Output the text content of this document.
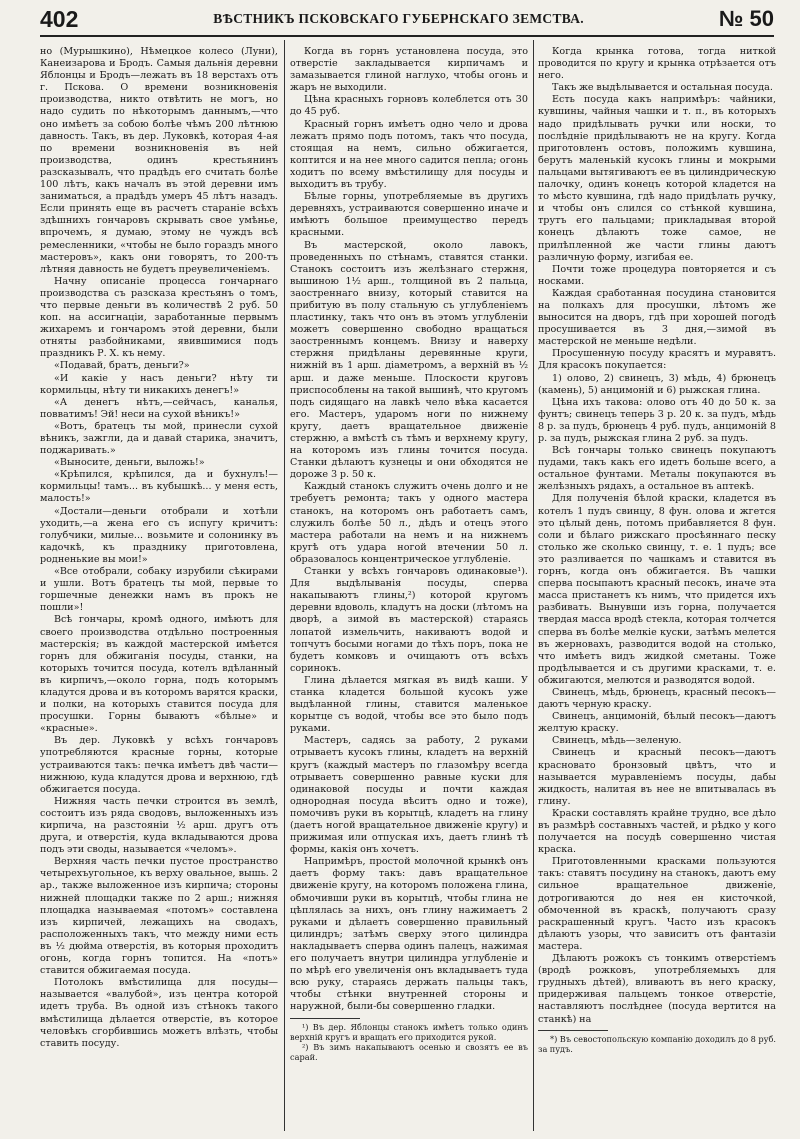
402	ВѢСТНИКЪ ПСКОВСКАГО ГУБЕРНСКАГО ЗЕМСТВА.	№ 50

но (Мурышкино), Нѣмецкое колесо (Луни), Канеизарова и Бродъ. Самыя дальнія деревни Яблонцы и Бродъ—лежать въ 18 верстахъ отъ г. Пскова. О времени возникновенія производства, никто отвѣтить не могъ, но надо судить по нѣкоторымъ даннымъ,—что оно имѣетъ за собою болѣе чѣмъ 200 лѣтнюю давность. Такъ, въ дер. Луковкѣ, которая 4-ая по времени возникновенія въ ней производства, одинъ крестьянинъ разсказывалъ, что прадѣдъ его считать болѣе 100 лѣтъ, какъ началъ въ этой деревни имъ заниматься, а прадѣдъ умеръ 45 лѣтъ назадъ. Если принять еще въ расчетъ стараніе всѣхъ здѣшнихъ гончаровъ скрывать свое умѣнье, впрочемъ, я думаю, этому не чуждъ всѣ ремесленники, «чтобы не было гораздъ много мастеровъ», какъ они говорятъ, то 200-тъ лѣтняя давность не будетъ преувеличеніемъ.

Начну описаніе процесса гончарнаго производства съ разсказа крестьянъ о томъ, что первые деньги въ количествѣ 2 руб. 50 коп. на ассигнаціи, заработанные первымъ жихаремъ и гончаромъ этой деревни, были отняты разбойниками, явившимися подъ праздникъ Р. Х. къ нему.

«Подавай, братъ, деньги?»

«И какіе у насъ деньги? нѣту ти кормильцы, нѣту ти никакихъ денегъ!»

«А денегъ нѣтъ,—сейчасъ, каналья, повватимъ! Эй! неси на сухой вѣникъ!»

«Вотъ, братецъ ты мой, принесли сухой вѣникъ, зажгли, да и давай старика, значитъ, поджаривать.»

«Выносите, деньги, выложь!»

«Крѣпился, крѣпился, да и бухнулъ!—кормильцы! тамъ... въ кубышкѣ... у меня есть, малость!»

«Достали—деньги отобрали и хотѣли уходить,—а жена его съ испугу кричитъ: голубчики, милые... возьмите и солонинку въ кадочкѣ, къ празднику приготовлена, родненькие вы мои!»

«Все отобрали, собаку изрубили сѣкирами и ушли. Вотъ братецъ ты мой, первые то горшечные денежки намъ въ прокъ не пошли»!

Всѣ гончары, кромѣ одного, имѣютъ для своего производства отдѣльно построенныя мастерскія; въ каждой мастерской имѣется горнъ для обжиганія посуды, станки, на которыхъ точится посуда, котелъ вдѣланный въ кирпичъ,—около горна, подъ которымъ кладутся дрова и въ которомъ варятся краски, и полки, на которыхъ ставится посуда для просушки. Горны бываютъ «бѣлые» и «красные».

Въ дер. Луковкѣ у всѣхъ гончаровъ употребляются красные горны, которые устраиваются такъ: печка имѣетъ двѣ части—нижнюю, куда кладутся дрова и верхнюю, гдѣ обжигается посуда.

Нижняя часть печки строится въ землѣ, состоитъ изъ ряда сводовъ, выложенныхъ изъ кирпича, на разстояніи ½ арш. другъ отъ друга, и отверстія, куда вкладываются дрова подъ эти своды, называется «челомъ».

Верхняя часть печки пустое пространство четырехъугольное, къ верху овальное, вышь. 2 ар., также выложенное изъ кирпича; стороны нижней площадки также по 2 арш.; нижняя площадка называемая «потомъ» составлена изъ кирпичей, лежащихъ на сводахъ, расположенныхъ такъ, что между ними есть въ ½ дюйма отверстія, въ которыя проходитъ огонь, когда горнъ топится. На «потъ» ставится обжигаемая посуда.

Потолокъ вмѣстилища для посуды—называется «валубой», изъ центра которой идетъ труба. Въ одной изъ стѣнокъ такого вмѣстилища дѣлается отверстіе, въ которое человѣкъ сгорбившись можетъ влѣзть, чтобы ставить посуду.

Когда въ горнъ установлена посуда, это отверстіе закладывается кирпичамъ и замазывается глиной наглухо, чтобы огонь и жаръ не выходили.

Цѣна красныхъ горновъ колеблется отъ 30 до 45 руб.

Красный горнъ имѣетъ одно чело и дрова лежатъ прямо подъ потомъ, такъ что посуда, стоящая на немъ, сильно обжигается, коптится и на нее много садится пепла; огонь ходитъ по всему вмѣстилищу для посуды и выходитъ въ трубу.

Бѣлые горны, употребляемые въ другихъ деревняхъ, устраиваются совершенно иначе и имѣютъ большое преимущество передъ красными.

Въ мастерской, около лавокъ, проведенныхъ по стѣнамъ, ставятся станки. Станокъ состоитъ изъ желѣзнаго стержня, вышиною 1½ арш., толщиной въ 2 пальца, заостреннаго внизу, который ставится на прибитую въ полу стальную съ углубленіемъ пластинку, такъ что онъ въ этомъ углубленіи можетъ совершенно свободно вращаться заостреннымъ концемъ. Внизу и наверху стержня придѣланы деревянные круги, нижній въ 1 арш. діаметромъ, а верхній въ ½ арш. и даже меньше. Плоскости круговъ приспособлены на такой вышинѣ, что кругомъ подъ сидящаго на лавкѣ чело вѣка касается его. Мастеръ, ударомъ ноги по нижнему кругу, даетъ вращательное движеніе стержню, а вмѣстѣ съ тѣмъ и верхнему кругу, на которомъ изъ глины точится посуда. Станки дѣлаютъ кузнецы и они обходятся не дороже 3 р. 50 к.

Каждый станокъ служитъ очень долго и не требуетъ ремонта; такъ у одного мастера станокъ, на которомъ онъ работаетъ самъ, служилъ болѣе 50 л., дѣдъ и отецъ этого мастера работали на немъ и на нижнемъ кругѣ отъ удара ногой втечении 50 л. образовалось концентрическое углубленіе.

Станки у всѣхъ гончаровъ одинаковые¹). Для выдѣлыванія посуды, сперва накапываютъ глины,²) которой кругомъ деревни вдоволь, кладутъ на доски (лѣтомъ на дворѣ, а зимой въ мастерской) стараясь лопатой измельчить, накиваютъ водой и топчутъ босыми ногами до тѣхъ поръ, пока не будетъ комковъ и очищаютъ отъ всѣхъ соринокъ.

Глина дѣлается мягкая въ видѣ каши. У станка кладется большой кусокъ уже выдѣланной глины, ставится маленькое корытце съ водой, чтобы все это было подъ руками.

Мастеръ, садясь за работу, 2 руками отрываетъ кусокъ глины, кладетъ на верхній кругъ (каждый мастеръ по глазомѣру всегда отрываетъ совершенно равные куски для одинаковой посуды и почти каждая однородная посуда вѣситъ одно и тоже), помочивъ руки въ корытцѣ, кладетъ на глину (даетъ ногой вращательное движеніе кругу) и прижимая или отпуская ихъ, даетъ глинѣ тѣ формы, какія онъ хочетъ.

Напримѣръ, простой молочной крынкѣ онъ даетъ форму такъ: давъ вращательное движеніе кругу, на которомъ положена глина, обмочивши руки въ корытцѣ, чтобы глина не цѣплялась за нихъ, онъ глину нажимаетъ 2 руками и дѣлаетъ совершенно правильный цилиндръ; затѣмъ сверху этого цилиндра накладываетъ сперва одинъ палецъ, нажимая его получаетъ внутри цилиндра углубленіе и по мѣрѣ его увеличенія онъ вкладываетъ туда всю руку, стараясь держать пальцы такъ, чтобы стѣнки внутренней стороны и наружной, были-бы совершенно гладки.

¹) Въ дер. Яблонцы станокъ имѣетъ только одинъ верхній кругъ и вращать его приходится рукой.

²) Въ зимъ накапываютъ осенью и свозятъ ее въ сарай.

Когда крынка готова, тогда ниткой проводится по кругу и крынка отрѣзается отъ него.

Такъ же выдѣлывается и остальная посуда.

Есть посуда какъ напримѣръ: чайники, кувшины, чайныя чашки и т. п., въ которыхъ надо придѣлывать ручки или носки, то послѣдніе придѣлываютъ не на кругу. Когда приготовленъ остовъ, положимъ кувшина, берутъ маленькій кусокъ глины и мокрыми пальцами вытягиваютъ ее въ цилиндрическую палочку, одинъ конецъ которой кладется на то мѣсто кувшина, гдѣ надо придѣлать ручку, и чтобы онъ слился со стѣнкой кувшина, трутъ его пальцами; прикладывая второй конецъ дѣлаютъ тоже самое, не прилѣпленной же части глины даютъ различную форму, изгибая ее.

Почти тоже процедура повторяется и съ носками.

Каждая сработанная посудина становится на полкахъ для просушки, лѣтомъ же выносится на дворъ, гдѣ при хорошей погодѣ просушивается въ 3 дня,—зимой въ мастерской не меньше недѣли.

Просушенную посуду красятъ и муравятъ. Для красокъ покупается:

1) олово, 2) свинецъ, 3) мѣдь, 4) брюнецъ (камень), 5) анцимоній и 6) рыжская глина.

Цѣна ихъ такова: олово отъ 40 до 50 к. за фунтъ; свинецъ теперь 3 р. 20 к. за пудъ, мѣдь 8 р. за пудъ, брюнецъ 4 руб. пудъ, анцимоній 8 р. за пудъ, рыжская глина 2 руб. за пудъ.

Всѣ гончары только свинецъ покупаютъ пудами, такъ какъ его идетъ больше всего, а остальное фунтами. Металы покупаются въ желѣзныхъ рядахъ, а остальное въ аптекѣ.

Для полученія бѣлой краски, кладется въ котелъ 1 пудъ свинцу, 8 фун. олова и жгется это цѣлый день, потомъ прибавляется 8 фун. соли и бѣлаго рижскаго просѣяннаго песку столько же сколько свинцу, т. е. 1 пудъ; все это разливается по чашкамъ и ставится въ горнъ, когда онъ обжигается. Въ чашки сперва посыпаютъ красный песокъ, иначе эта масса пристанетъ къ нимъ, что придется ихъ разбивать. Вынувши изъ горна, получается твердая масса вродѣ стекла, которая толчется сперва въ болѣе мелкіе куски, затѣмъ мелется въ жерновахъ, разводится водой на столько, что имѣетъ видъ жидкой сметаны. Тоже продѣлывается и съ другими красками, т. е. обжигаются, мелются и разводятся водой.

Свинецъ, мѣдь, брюнецъ, красный песокъ—даютъ черную краску.

Свинецъ, анцимоній, бѣлый песокъ—даютъ желтую краску.

Свинецъ, мѣдь—зеленую.

Свинецъ и красный песокъ—даютъ красновато бронзовый цвѣтъ, что и называется муравленіемъ посуды, дабы жидкость, налитая въ нее не впитывалась въ глину.

Краски составлять крайне трудно, все дѣло въ размѣрѣ составныхъ частей, и рѣдко у кого получается на посудѣ совершенно чистая краска.

Приготовленными красками пользуются такъ: ставятъ посудину на станокъ, даютъ ему сильное вращательное движеніе, дотрогиваются до нея ен кисточкой, обмоченной въ краскѣ, получаютъ сразу раскрашенный кругъ. Часто изъ красокъ дѣлаютъ узоры, что зависитъ отъ фантазіи мастера.

Дѣлаютъ рожокъ съ тонкимъ отверстіемъ (вродѣ рожковъ, употребляемыхъ для грудныхъ дѣтей), вливаютъ въ него краску, придерживая пальцемъ тонкое отверстіе, наставляютъ послѣднее (посуда вертится на станкѣ) на

*) Въ севостопольскую компанію доходилъ до 8 руб. за пудъ.
